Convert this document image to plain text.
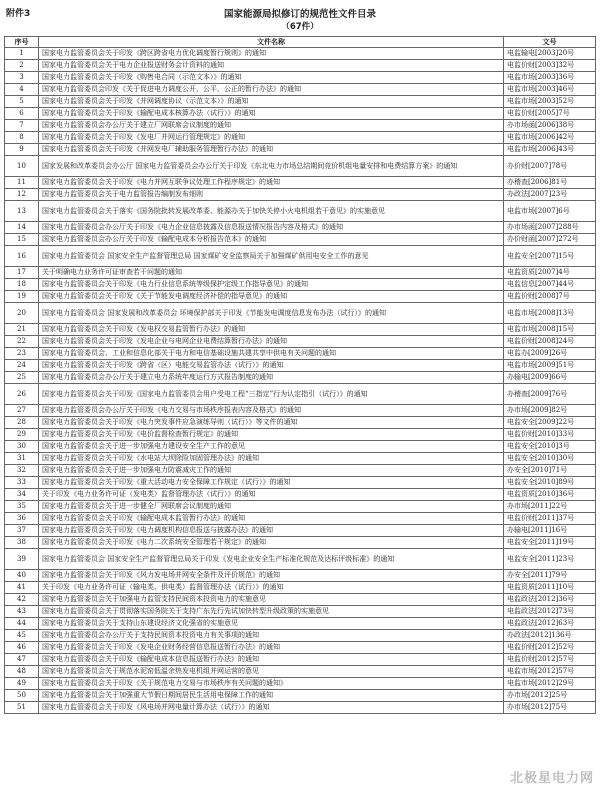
附件3	国家能源局拟修订的规范性文件目录
（67件）
序号	文件名称	文号
1	国家电力监管委员会关于印发《跨区跨省电力优化调度暂行规则》的通知	电监输电[2003]20号
2	国家电力监管委员会关于电力企业报送财务会计资料的通知	电监价财[2003]32号
3	国家电力监管委员会关于印发《购售电合同（示范文本）》的通知	电监市场[2003]36号
4	国家电力监管委员会印发《关于促进电力调度公开、公平、公正的暂行办法》的通知	电监市场[2003]46号
5	国家电力监管委员会关于印发《并网调度协议（示范文本）》的通知	电监市场[2003]52号
6	国家电力监管委员会关于印发《输配电成本核算办法（试行）》的通知	电监价财[2005]7号
7	国家电力监管委员会办公厅关于建立厂网联席会议制度的通知	办市场函[2006]38号
8	国家电力监管委员会关于印发《发电厂并网运行管理规定》的通知	电监市场[2006]42号
9	国家电力监管委员会关于印发《并网发电厂辅助服务管理暂行办法》的通知	电监市场[2006]43号
10	国家发展和改革委员会办公厅 国家电力监管委员会办公厅关于印发《东北电力市场总结期间竞价机组电量安排和电费结算方案》的通知	办价财[2007]78号
11	国家电力监管委员会关于印发《电力并网互联争议处理工作程序规定》的通知	办稽查[2006]81号
12	国家电力监管委员会关于电力监管报告编制发布细则	办政法[2007]23号
13	国家电力监管委员会关于落实《国务院批转发展改革委、能源办关于加快关停小火电机组若干意见》的实施意见	电监市场[2007]6号
14	国家电力监管委员会办公厅关于印发《电力企业信息披露及信息报送情况报告内容及格式》的通知	办市场函[2007]288号
15	国家电力监管委员会办公厅关于印发《输配电成本分析报告范本》的通知	办价财函[2007]272号
16	国家电力监管委员会 国家安全生产监督管理总局 国家煤矿安全监察局关于加强煤矿供用电安全工作的意见	电监安全[2007]15号
17	关于明确电力业务许可证审查若干问题的通知	电监资质[2007]4号
18	国家电力监管委员会关于印发《电力行业信息系统等级保护定级工作指导意见》的通知	电监信息[2007]44号
19	国家电力监管委员会关于印发《关于节能发电调度经济补偿的指导意见》的通知	电监价财[2008]7号
20	国家电力监管委员会 国家发展和改革委员会 环境保护部关于印发《节能发电调度信息发布办法（试行）》的通知	电监市场[2008]13号
21	国家电力监管委员会关于印发《发电权交易监管暂行办法》的通知	电监市场[2008]15号
22	国家电力监管委员会关于印发《发电企业与电网企业电费结算暂行办法》的通知	电监价财[2008]24号
23	国家电力监管委员会、工业和信息化部关于电力和电信基础设施共建共享中供电有关问题的通知	电监办[2009]26号
24	国家电力监管委员会关于印发《跨省（区）电能交易监管办法（试行）》的通知	电监市场[2009]51号
25	国家电力监管委员会办公厅关于建立电力系统年度运行方式报告制度的通知	办输电[2009]66号
26	国家电力监管委员会关于印发《国家电力监管委员会用户受电工程“三指定”行为认定指引（试行）》的通知	办稽查[2009]76号
27	国家电力监管委员会办公厅关于印发《电力交易与市场秩序报表内容及格式》的通知	办市场[2009]82号
28	国家电力监管委员会关于印发《电力突发事件应急演练导则（试行）》等文件的通知	电监安全[2009]22号
29	国家电力监管委员会关于印发《电价监督检查暂行规定》的通知	电监价财[2010]33号
30	国家电力监管委员会关于进一步加强电力建设安全生产工作的意见	电监安全[2010]3号
31	国家电力监管委员会关于印发《水电站大坝除险加固管理办法》的通知	电监安全[2010]30号
32	国家电力监管委员会关于进一步加强电力防震减灾工作的通知	办安全[2010]71号
33	国家电力监管委员会关于印发《重大活动电力安全保障工作规定（试行）》的通知	电监安全[2010]89号
34	关于印发《电力业务许可证（发电类）监督管理办法（试行）》的通知	电监资质[2010]36号
35	国家电力监管委员会关于进一步健全厂网联席会议制度的通知	办市场[2011]22号
36	国家电力监管委员会关于印发《输配电成本监管暂行办法》的通知	电监价财[2011]37号
37	国家电力监管委员会关于印发《电力调度机构信息报送与披露办法》的通知	办输电[2011]16号
38	国家电力监管委员会关于印发《电力二次系统安全管理若干规定》的通知	电监安全[2011]19号
39	国家电力监管委员会 国家安全生产监督管理总局关于印发《发电企业安全生产标准化规范及达标评级标准》的通知	电监安全[2011]23号
40	国家电力监管委员会关于印发《风力发电场并网安全条件及评价规范》的通知	办安全[2011]79号
41	关于印发《电力业务许可证（输电类、供电类）监督管理办法（试行）》的通知	电监资质[2011]10号
42	国家电力监管委员会关于加强电力监管支持民间资本投资电力的实施意见	电监政法[2012]36号
43	国家电力监管委员会关于贯彻落实国务院关于支持广东先行先试加快转型升级政策的实施意见	电监政法[2012]73号
44	国家电力监管委员会关于支持山东建设经济文化强省的实施意见	电监政法[2012]63号
45	国家电力监管委员会办公厅关于支持民间资本投资电力有关事项的通知	办政法[2012]136号
46	国家电力监管委员会关于印发《发电企业财务经营信息报送暂行办法》的通知	电监价财[2012]52号
47	国家电力监管委员会关于印发《输配电成本信息报送暂行办法》的通知	电监价财[2012]57号
48	国家电力监管委员会关于规范水泥窑低温余热发电机组并网运营的意见	电监市场[2012]57号
49	国家电力监管委员会关于印发《关于规范电力交易与市场秩序有关问题的通知》	电监市场[2012]29号
50	国家电力监管委员会关于加强重大节假日期间居民生活用电保障工作的通知	办市场[2012]25号
51	国家电力监管委员会关于印发《风电场并网电量计算办法（试行）》的通知	办市场[2012]75号
北极星电力网
